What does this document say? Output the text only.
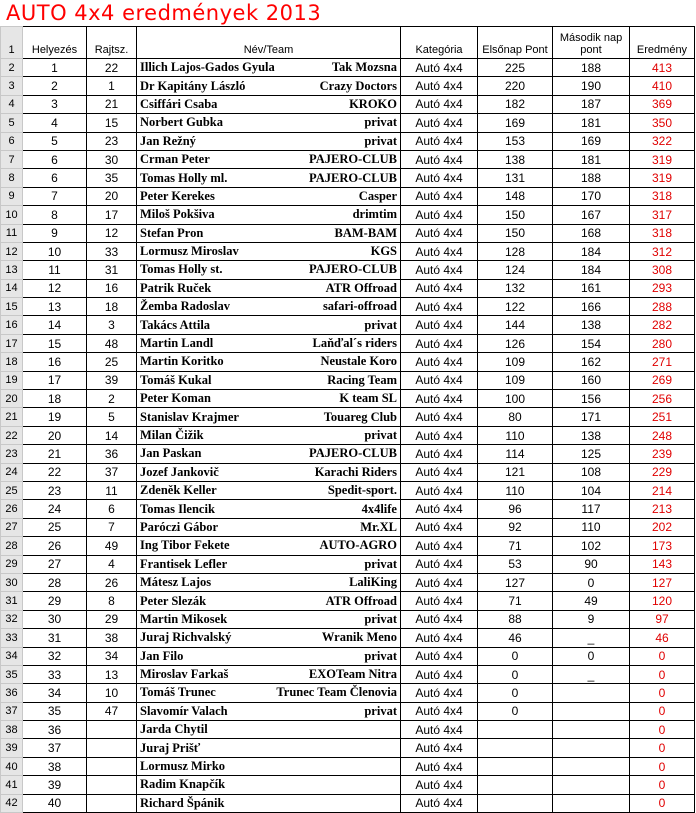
AUTO 4x4 eredmények 2013
1	Helyezés	Rajtsz.	Név/Team	Kategória	Elsőnap Pont	Második nap pont	Eredmény
2	1	22	Illich Lajos-Gados Gyula Tak Mozsna	Autó 4x4	225	188	413
3	2	1	Dr Kapitány László Crazy Doctors	Autó 4x4	220	190	410
4	3	21	Csiffári Csaba KROKO	Autó 4x4	182	187	369
5	4	15	Norbert Gubka privat	Autó 4x4	169	181	350
6	5	23	Jan Režný privat	Autó 4x4	153	169	322
7	6	30	Crman Peter PAJERO-CLUB	Autó 4x4	138	181	319
8	6	35	Tomas Holly ml. PAJERO-CLUB	Autó 4x4	131	188	319
9	7	20	Peter Kerekes Casper	Autó 4x4	148	170	318
10	8	17	Miloš Pokšiva drimtim	Autó 4x4	150	167	317
11	9	12	Stefan Pron BAM-BAM	Autó 4x4	150	168	318
12	10	33	Lormusz Miroslav KGS	Autó 4x4	128	184	312
13	11	31	Tomas Holly st. PAJERO-CLUB	Autó 4x4	124	184	308
14	12	16	Patrik Ruček ATR Offroad	Autó 4x4	132	161	293
15	13	18	Žemba Radoslav safari-offroad	Autó 4x4	122	166	288
16	14	3	Takács Attila privat	Autó 4x4	144	138	282
17	15	48	Martin Landl Laňďal´s riders	Autó 4x4	126	154	280
18	16	25	Martin Koritko Neustale Koro	Autó 4x4	109	162	271
19	17	39	Tomáš Kukal Racing Team	Autó 4x4	109	160	269
20	18	2	Peter Koman K team SL	Autó 4x4	100	156	256
21	19	5	Stanislav Krajmer Touareg Club	Autó 4x4	80	171	251
22	20	14	Milan Čižik privat	Autó 4x4	110	138	248
23	21	36	Jan Paskan PAJERO-CLUB	Autó 4x4	114	125	239
24	22	37	Jozef Jankovič Karachi Riders	Autó 4x4	121	108	229
25	23	11	Zdeněk Keller Spedit-sport.	Autó 4x4	110	104	214
26	24	6	Tomas Ilencik 4x4life	Autó 4x4	96	117	213
27	25	7	Paróczi Gábor Mr.XL	Autó 4x4	92	110	202
28	26	49	Ing Tibor Fekete AUTO-AGRO	Autó 4x4	71	102	173
29	27	4	Frantisek Lefler privat	Autó 4x4	53	90	143
30	28	26	Mátesz Lajos LaliKing	Autó 4x4	127	0	127
31	29	8	Peter Slezák ATR Offroad	Autó 4x4	71	49	120
32	30	29	Martin Mikosek privat	Autó 4x4	88	9	97
33	31	38	Juraj Richvalský Wranik Meno	Autó 4x4	46	_	46
34	32	34	Jan Filo privat	Autó 4x4	0	0	0
35	33	13	Miroslav Farkaš EXOTeam Nitra	Autó 4x4	0	_	0
36	34	10	Tomáš Trunec Trunec Team Členovia	Autó 4x4	0		0
37	35	47	Slavomír Valach privat	Autó 4x4	0		0
38	36		Jarda Chytil	Autó 4x4			0
39	37		Juraj Prišť	Autó 4x4			0
40	38		Lormusz Mirko	Autó 4x4			0
41	39		Radim Knapčík	Autó 4x4			0
42	40		Richard Špánik	Autó 4x4			0
